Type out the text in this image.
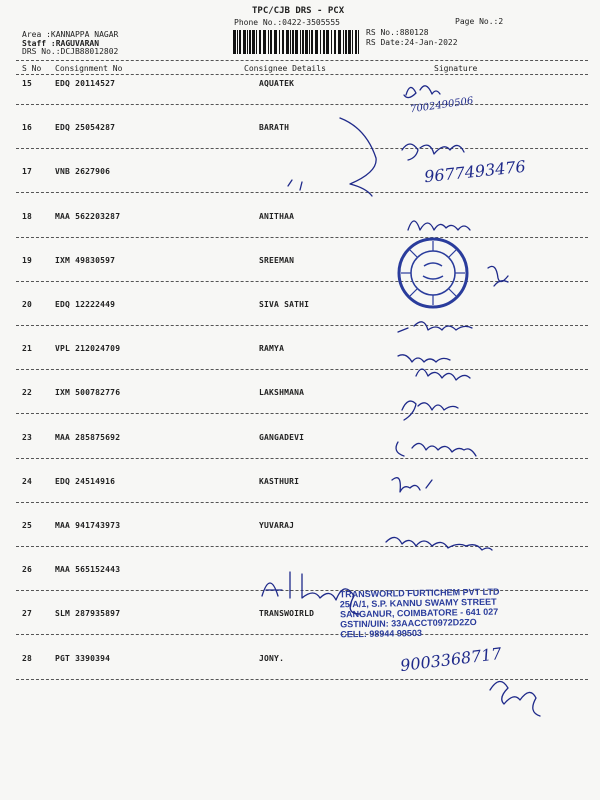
TPC/CJB DRS - PCX
Phone No.:0422-3505555	Page No.:2
Area :KANNAPPA NAGAR
Staff :RAGUVARAN
DRS No.:DCJB88012802
RS No.:880128
RS Date:24-Jan-2022
S No Consignment No	Consignee Details	Signature
15	EDQ 20114527	AQUATEK
16	EDQ 25054287	BARATH
17	VNB 2627906
18	MAA 562203287	ANITHAA
19	IXM 49830597	SREEMAN
20	EDQ 12222449	SIVA SATHI
21	VPL 212024709	RAMYA
22	IXM 500782776	LAKSHMANA
23	MAA 285875692	GANGADEVI
24	EDQ 24514916	KASTHURI
25	MAA 941743973	YUVARAJ
26	MAA 565152443
27	SLM 287935897	TRANSWOIRLD
28	PGT 3390394	JONY.
TRANSWORLD FURTICHEM PVT LTD
25/A/1, S.P. KANNU SWAMY STREET
SANGANUR, COIMBATORE - 641 027
GSTIN/UIN: 33AACCT0972D2ZO
CELL: 98944 99503
7002490506
9677493476
9003368717
